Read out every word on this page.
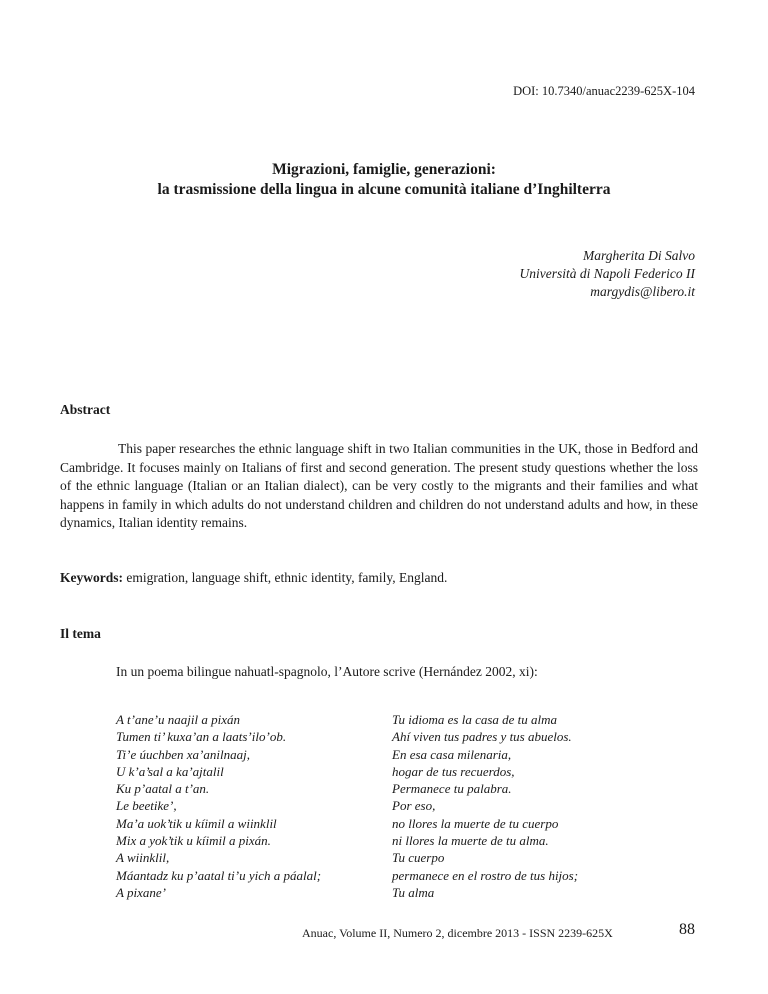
DOI: 10.7340/anuac2239-625X-104
Migrazioni, famiglie, generazioni:
la trasmissione della lingua in alcune comunità italiane d’Inghilterra
Margherita Di Salvo
Università di Napoli Federico II
margydis@libero.it
Abstract
This paper researches the ethnic language shift in two Italian communities in the UK, those in Bedford and Cambridge. It focuses mainly on Italians of first and second generation. The present study questions whether the loss of the ethnic language (Italian or an Italian dialect), can be very costly to the migrants and their families and what happens in family in which adults do not understand children and children do not understand adults and how, in these dynamics, Italian identity remains.
Keywords: emigration, language shift, ethnic identity, family, England.
Il tema
In un poema bilingue nahuatl-spagnolo, l’Autore scrive (Hernández 2002, xi):
A t’ane’u naajil a pixán
Tumen ti’ kuxa’an a laats’ilo’ob.
Ti’e úuchben xa’anilnaaj,
U k’a’sal a ka’ajtalil
Ku p’aatal a t’an.
Le beetike’,
Ma’a uok’tik u kíimil a wiinklil
Mix a yok’tik u kíimil a pixán.
A wiinklil,
Máantadz ku p’aatal ti’u yich a páalal;
A pixane’
Tu idioma es la casa de tu alma
Ahí viven tus padres y tus abuelos.
En esa casa milenaria,
hogar de tus recuerdos,
Permanece tu palabra.
Por eso,
no llores la muerte de tu cuerpo
ni llores la muerte de tu alma.
Tu cuerpo
permanece en el rostro de tus hijos;
Tu alma
Anuac, Volume II, Numero 2, dicembre 2013 - ISSN 2239-625X	88
